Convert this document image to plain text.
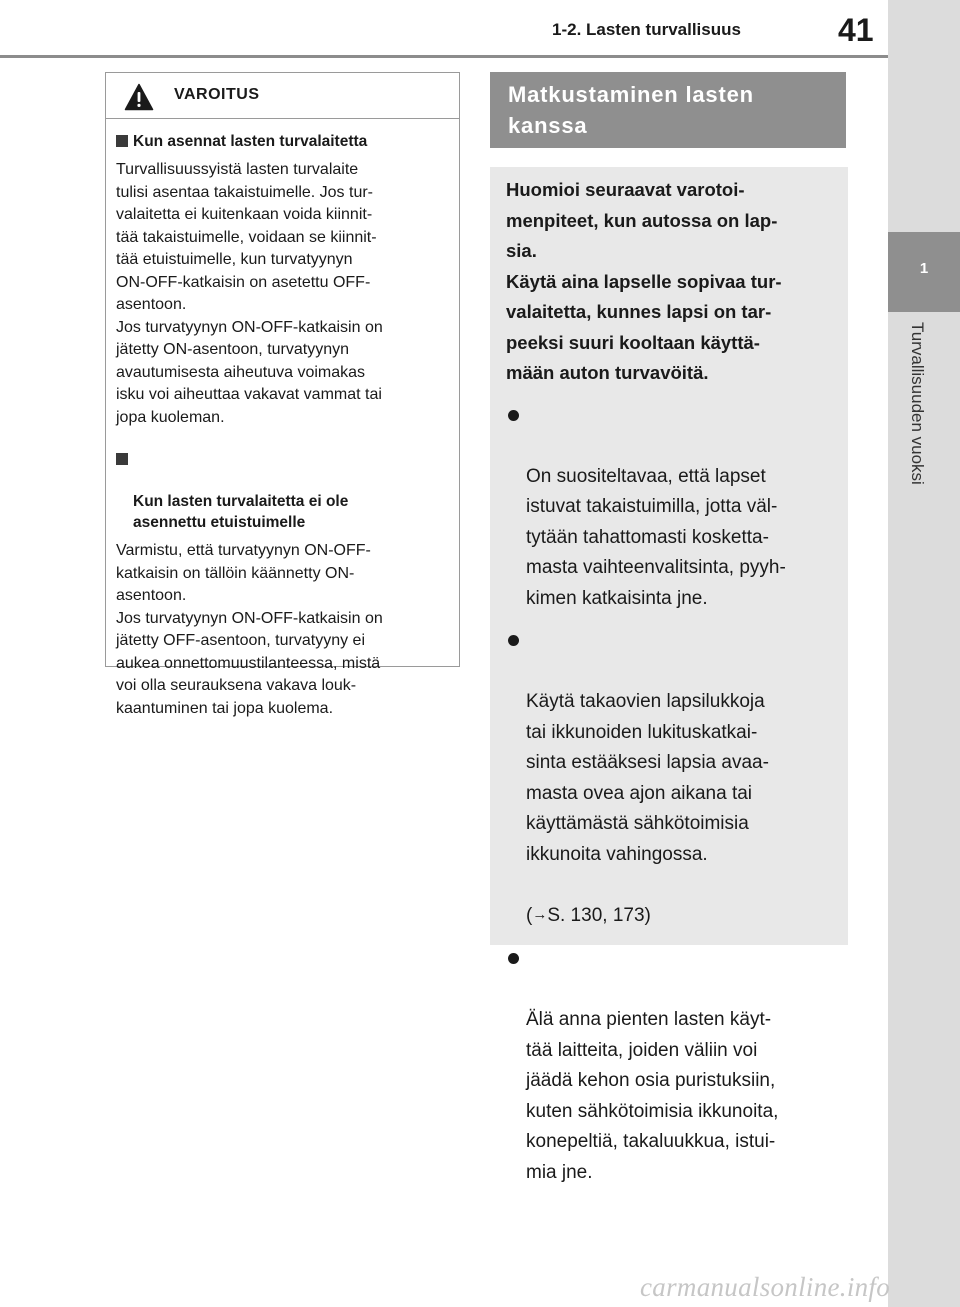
1-2. Lasten turvallisuus	41
1
Turvallisuuden vuoksi
VAROITUS
Kun asennat lasten turvalaitetta
Turvallisuussyistä lasten turvalaite
tulisi asentaa takaistuimelle. Jos tur-
valaitetta ei kuitenkaan voida kiinnit-
tää takaistuimelle, voidaan se kiinnit-
tää etuistuimelle, kun turvatyynyn
ON-OFF-katkaisin on asetettu OFF-
asentoon.
Jos turvatyynyn ON-OFF-katkaisin on
jätetty ON-asentoon, turvatyynyn
avautumisesta aiheutuva voimakas
isku voi aiheuttaa vakavat vammat tai
jopa kuoleman.

Kun lasten turvalaitetta ei ole
asennettu etuistuimelle

Varmistu, että turvatyynyn ON-OFF-
katkaisin on tällöin käännetty ON-
asentoon.
Jos turvatyynyn ON-OFF-katkaisin on
jätetty OFF-asentoon, turvatyyny ei
aukea onnettomuustilanteessa, mistä
voi olla seurauksena vakava louk-
kaantuminen tai jopa kuolema.
Matkustaminen lasten
kanssa
Huomioi seuraavat varotoi-
menpiteet, kun autossa on lap-
sia.
Käytä aina lapselle sopivaa tur-
valaitetta, kunnes lapsi on tar-
peeksi suuri kooltaan käyttä-
mään auton turvavöitä.

On suositeltavaa, että lapset
istuvat takaistuimilla, jotta väl-
tytään tahattomasti kosketta-
masta vaihteenvalitsinta, pyyh-
kimen katkaisinta jne.

Käytä takaovien lapsilukkoja
tai ikkunoiden lukituskatkai-
sinta estääksesi lapsia avaa-
masta ovea ajon aikana tai
käyttämästä sähkötoimisia
ikkunoita vahingossa.

(→S. 130, 173)

Älä anna pienten lasten käyt-
tää laitteita, joiden väliin voi
jäädä kehon osia puristuksiin,
kuten sähkötoimisia ikkunoita,
konepeltiä, takaluukkua, istui-
mia jne.

carmanualsonline.info
